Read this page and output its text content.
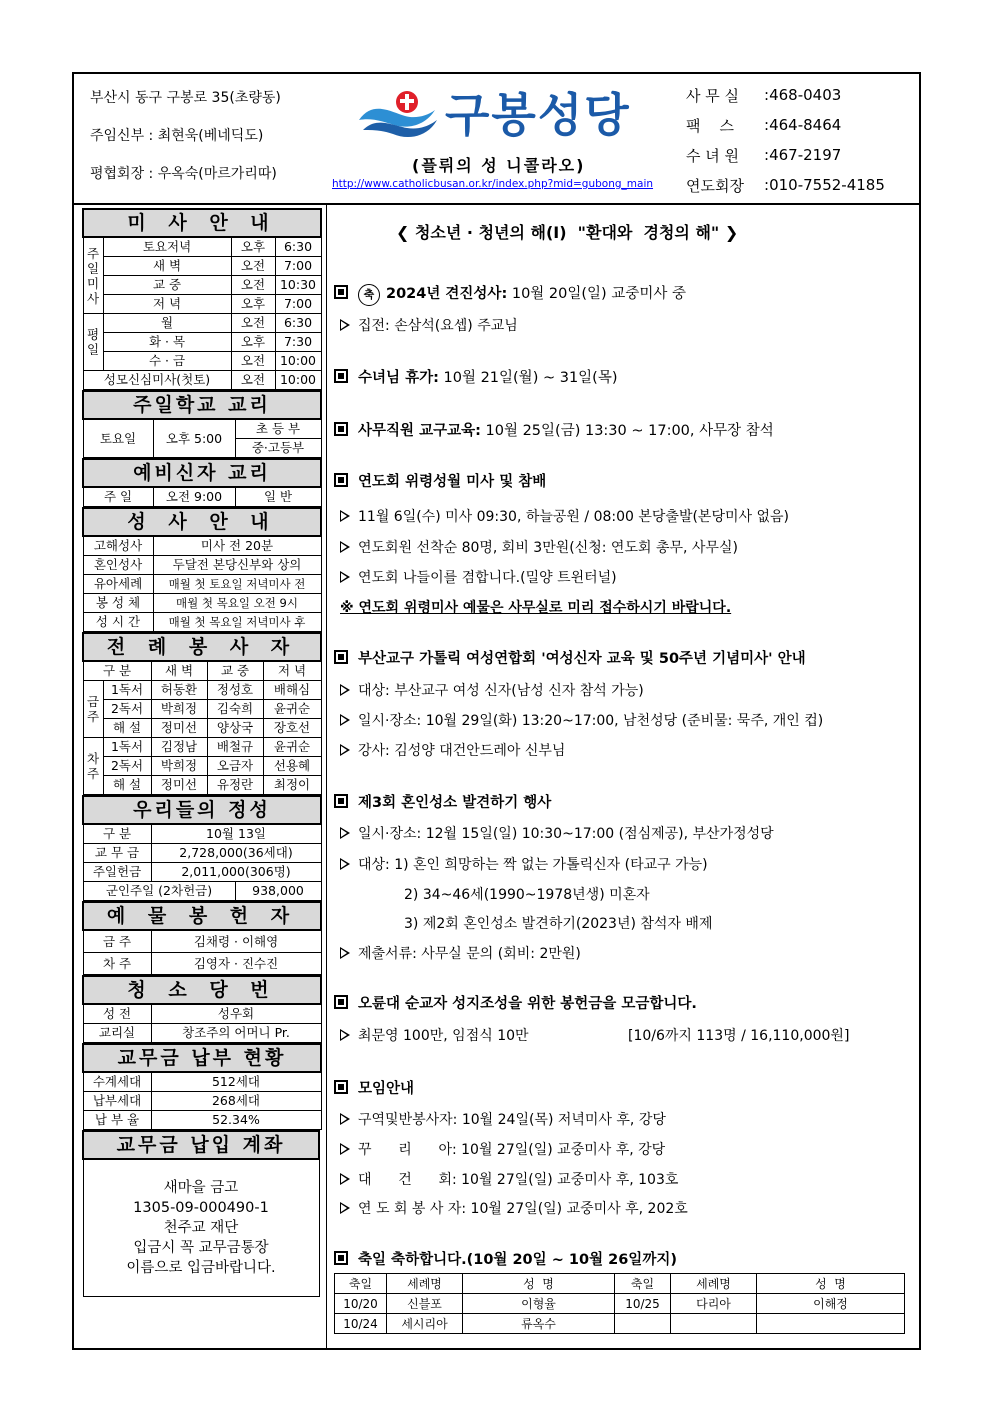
부산시 동구 구봉로 35(초량동)
주임신부 : 최현욱(베네딕도)
평협회장 : 우옥숙(마르가리따)
구봉성당
(플뤼의 성 니콜라오)
http://www.catholicbusan.or.kr/index.php?mid=gubong_main
사 무 실	:	468-0403
팩    스	:	464-8464
수 녀 원	:	467-2197
연도회장	:	010-7552-4185
미 사 안 내			

주일미사	토요저녁	오후	6:30
	새 벽	오전	7:00
	교 중	오전	10:30
	저 녁	오후	7:00

평일	월	오전	6:30
	화 · 목	오후	7:30
	수 · 금	오전	10:00
성모신심미사(첫토)		오전	10:00
주일학교 교리
토요일	오후 5:00	초 등 부
중·고등부
예비신자 교리
주 일	오전 9:00	일 반
성 사 안 내	
고해성사	미사 전 20분
혼인성사	두달전 본당신부와 상의
유아세례	매월 첫 토요일 저녁미사 전
봉 성 체	매월 첫 목요일 오전 9시
성 시 간	매월 첫 목요일 저녁미사 후
전 례 봉 사 자				
구 분		새 벽	교 중	저 녁

금주	1독서	허동환	정성호	배해심
	2독서	박희정	김숙희	윤귀순
	해 설	정미선	양상국	장호선

차주	1독서	김정남	배철규	윤귀순
	2독서	박희정	오금자	선용혜
	해 설	정미선	유정란	최정이
우리들의 정성		
구 분	10월 13일	
교 무 금	2,728,000(36세대)	
주일헌금	2,011,000(306명)	
군인주일 (2차헌금)		938,000
예 물 봉 헌 자	
금 주	김채령 · 이해영
차 주	김영자 · 진수진
청 소 당 번	
성 전	성우회
교리실	창조주의 어머니 Pr.
교무금 납부 현황	
수계세대	512세대
납부세대	268세대
납 부 율	52.34%
교무금 납입 계좌

새마을 금고
1305-09-000490-1
천주교 재단
입금시 꼭 교무금통장
이름으로 입금바랍니다.
❮ 청소년 · 청년의 해(I)  "환대와  경청의 해" ❯
축 2024년 견진성사: 10월 20일(일) 교중미사 중
집전: 손삼석(요셉) 주교님
수녀님 휴가: 10월 21일(월) ~ 31일(목)
사무직원 교구교육: 10월 25일(금) 13:30 ~ 17:00, 사무장 참석
연도회 위령성월 미사 및 참배
11월 6일(수) 미사 09:30, 하늘공원 / 08:00 본당출발(본당미사 없음)
연도회원 선착순 80명, 회비 3만원(신청: 연도회 총무, 사무실)
연도회 나들이를 겸합니다.(밀양 트윈터널)
※ 연도회 위령미사 예물은 사무실로 미리 접수하시기 바랍니다.
부산교구 가톨릭 여성연합회 '여성신자 교육 및 50주년 기념미사' 안내
대상: 부산교구 여성 신자(남성 신자 참석 가능)
일시·장소: 10월 29일(화) 13:20~17:00, 남천성당 (준비물: 묵주, 개인 컵)
강사: 김성양 대건안드레아 신부님
제3회 혼인성소 발견하기 행사
일시·장소: 12월 15일(일) 10:30~17:00 (점심제공), 부산가정성당
대상: 1) 혼인 희망하는 짝 없는 가톨릭신자 (타교구 가능)
2) 34~46세(1990~1978년생) 미혼자
3) 제2회 혼인성소 발견하기(2023년) 참석자 배제
제출서류: 사무실 문의 (회비: 2만원)
오륜대 순교자 성지조성을 위한 봉헌금을 모금합니다.
최문영 100만, 임점식 10만	[10/6까지 113명 / 16,110,000원]
모임안내
구역및반봉사자: 10월 24일(목) 저녁미사 후, 강당
꾸      리      아: 10월 27일(일) 교중미사 후, 강당
대      건      회: 10월 27일(일) 교중미사 후, 103호
연 도 회 봉 사 자: 10월 27일(일) 교중미사 후, 202호
축일 축하합니다.(10월 20일 ~ 10월 26일까지)
축일	세례명	성  명	축일	세례명	성  명
10/20	신블포	이형율	10/25	다리아	이해정
10/24	세시리아	류옥수			
